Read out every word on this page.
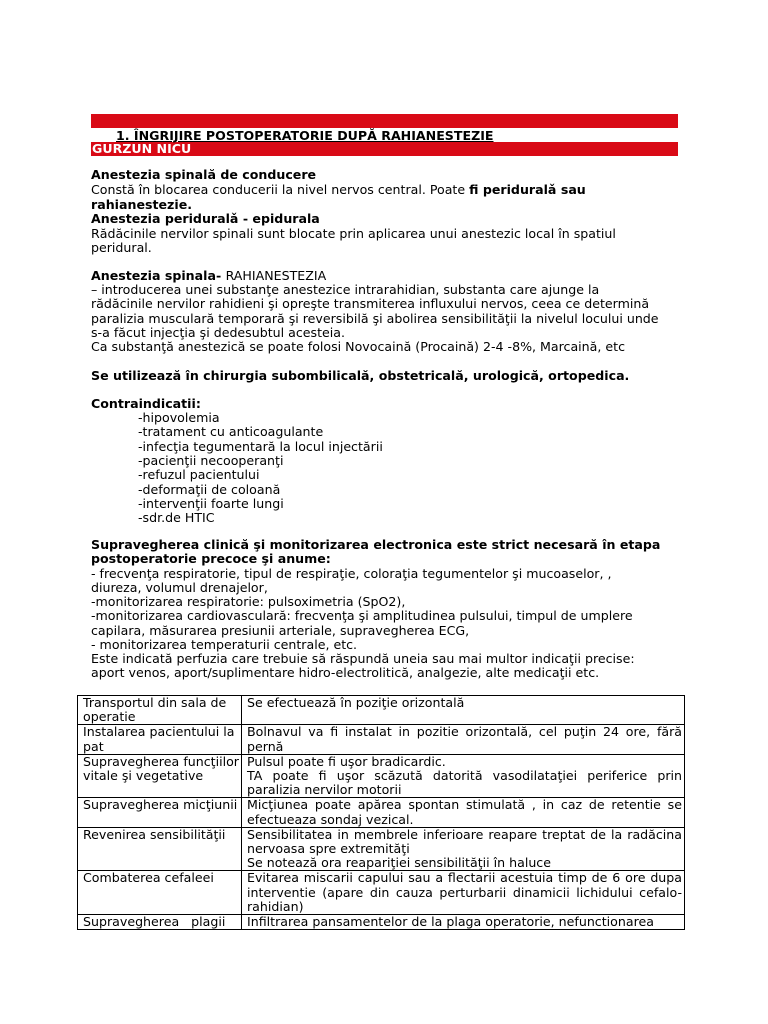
1. ÎNGRIJIRE POSTOPERATORIE DUPĂ RAHIANESTEZIE
GURZUN NICU
Anestezia spinală de conducere
Constă în blocarea conducerii la nivel nervos central. Poate fi periduralǎ sau
rahianestezie.
Anestezia periduralǎ - epidurala
Rădăcinile nervilor spinali sunt blocate prin aplicarea unui anestezic local în spatiul
peridural.
Anestezia spinala- RAHIANESTEZIA
– introducerea unei substanţe anestezice intrarahidian, substanta care ajunge la
rădăcinile nervilor rahidieni şi opreşte transmiterea influxului nervos, ceea ce determină
paralizia musculară temporară şi reversibilă şi abolirea sensibilităţii la nivelul locului unde
s-a făcut injecţia şi dedesubtul acesteia.
Ca substanţă anestezică se poate folosi Novocaină (Procaină) 2-4 -8%, Marcaină, etc
Se utilizează în chirurgia subombilicală, obstetricală, urologică, ortopedica.
Contraindicatii:
-hipovolemia
-tratament cu anticoagulante
-infecţia tegumentară la locul injectării
-pacienţii necooperanţi
-refuzul pacientului
-deformaţii de coloană
-intervenţii foarte lungi
-sdr.de HTIC
Supravegherea clinică şi monitorizarea electronica este strict necesară în etapa
postoperatorie precoce şi anume:
- frecvenţa respiratorie, tipul de respiraţie, coloraţia tegumentelor şi mucoaselor, ,
diureza, volumul drenajelor,
-monitorizarea respiratorie: pulsoximetria (SpO2),
-monitorizarea cardiovasculară: frecvenţa şi amplitudinea pulsului, timpul de umplere
capilara, măsurarea presiunii arteriale, supravegherea ECG,
- monitorizarea temperaturii centrale, etc.
Este indicată perfuzia care trebuie să răspundă uneia sau mai multor indicaţii precise:
aport venos, aport/suplimentare hidro-electrolitică, analgezie, alte medicaţii etc.
Transportul din sala de operatie	Se efectuează în poziţie orizontală
Instalarea pacientului la pat	Bolnavul va fi instalat in pozitie orizontală, cel puţin 24 ore, fără pernă
Supravegherea funcţiilor vitale şi vegetative	Pulsul poate fi uşor bradicardic.
TA poate fi uşor scăzută datorită vasodilataţiei periferice prin paralizia nervilor motorii
Supravegherea micţiunii	Micţiunea poate apărea spontan stimulată , in caz de retentie se efectueaza sondaj vezical.
Revenirea sensibilităţii	Sensibilitatea in membrele inferioare reapare treptat de la radăcina nervoasa spre extremităţi
Se notează ora reapariţiei sensibilităţii în haluce
Combaterea cefaleei	Evitarea miscarii capului sau a flectarii acestuia timp de 6 ore dupa interventie (apare din cauza perturbarii dinamicii lichidului cefalo-rahidian)
Supravegherea   plagii	Infiltrarea pansamentelor de la plaga operatorie, nefunctionarea
